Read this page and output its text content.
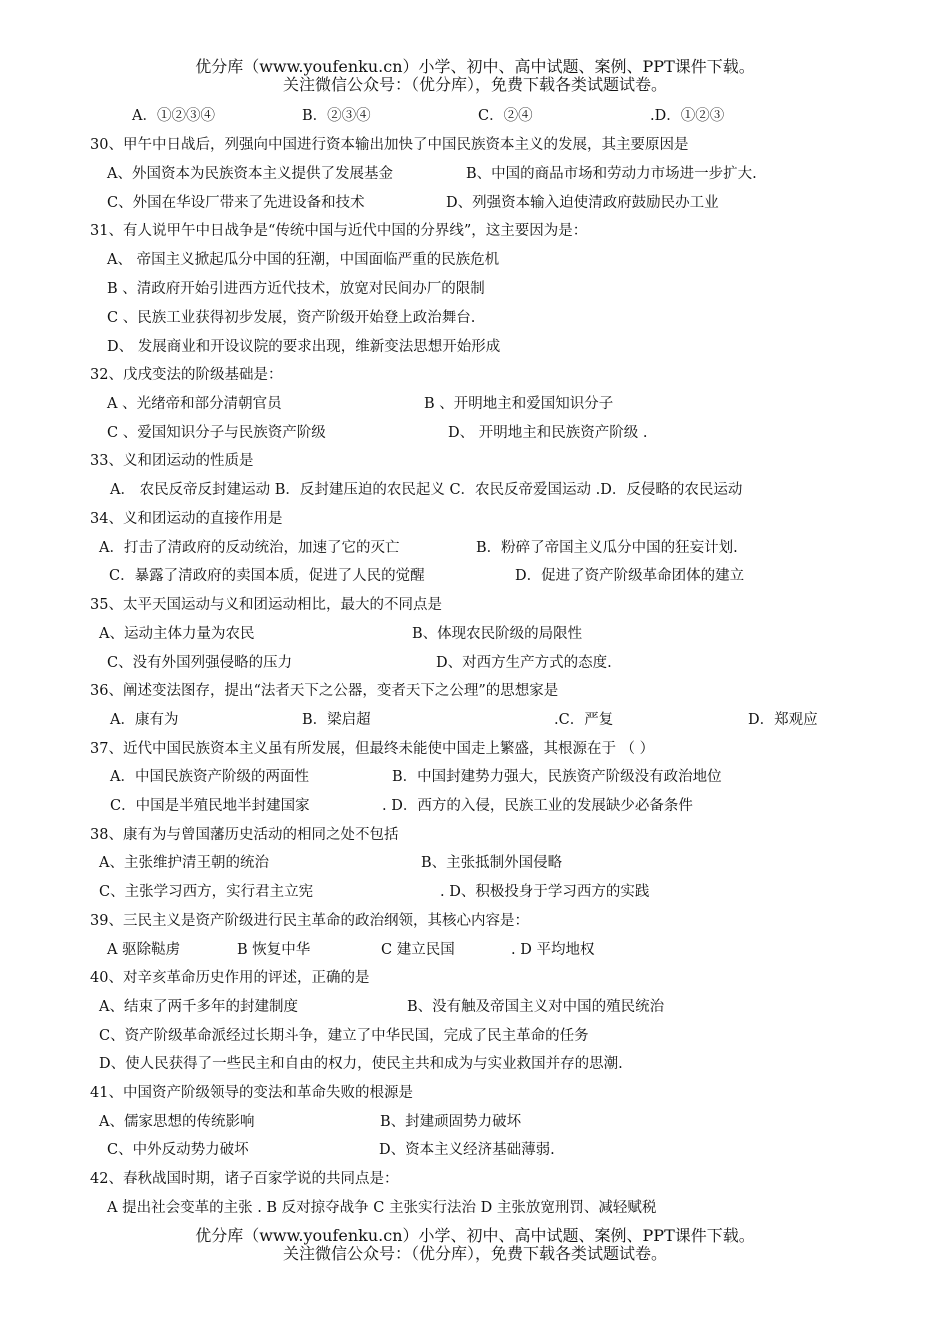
优分库（www.youfenku.cn）小学、初中、高中试题、案例、PPT课件下载。
关注微信公众号：（优分库），免费下载各类试题试卷。
A．①②③④	B．②③④	C．②④	.D．①②③
30、甲午中日战后，列强向中国进行资本输出加快了中国民族资本主义的发展，其主要原因是
A、外国资本为民族资本主义提供了发展基金	B、中国的商品市场和劳动力市场进一步扩大.
C、外国在华设厂带来了先进设备和技术	D、列强资本输入迫使清政府鼓励民办工业
31、有人说甲午中日战争是“传统中国与近代中国的分界线”，这主要因为是：
A、 帝国主义掀起瓜分中国的狂潮，中国面临严重的民族危机
B 、清政府开始引进西方近代技术，放宽对民间办厂的限制
C 、民族工业获得初步发展，资产阶级开始登上政治舞台.
D、 发展商业和开设议院的要求出现，维新变法思想开始形成
32、戊戌变法的阶级基础是：
A 、光绪帝和部分清朝官员	B 、开明地主和爱国知识分子
C 、爱国知识分子与民族资产阶级	D、 开明地主和民族资产阶级 .
33、义和团运动的性质是
A． 农民反帝反封建运动 B．反封建压迫的农民起义 C．农民反帝爱国运动 .D．反侵略的农民运动
34、义和团运动的直接作用是
A．打击了清政府的反动统治，加速了它的灭亡	B．粉碎了帝国主义瓜分中国的狂妄计划.
C．暴露了清政府的卖国本质，促进了人民的觉醒	D．促进了资产阶级革命团体的建立
35、太平天国运动与义和团运动相比，最大的不同点是
A、运动主体力量为农民	B、体现农民阶级的局限性
C、没有外国列强侵略的压力	D、对西方生产方式的态度.
36、阐述变法图存，提出“法者天下之公器，变者天下之公理”的思想家是
A．康有为	B．梁启超	.C．严复	D．郑观应
37、近代中国民族资本主义虽有所发展，但最终未能使中国走上繁盛，其根源在于 （ ）
A．中国民族资产阶级的两面性	B．中国封建势力强大，民族资产阶级没有政治地位
C．中国是半殖民地半封建国家	. D．西方的入侵，民族工业的发展缺少必备条件
38、康有为与曾国藩历史活动的相同之处不包括
A、主张维护清王朝的统治	B、主张抵制外国侵略
C、主张学习西方，实行君主立宪	. D、积极投身于学习西方的实践
39、三民主义是资产阶级进行民主革命的政治纲领，其核心内容是：
A 驱除鞑虏	B 恢复中华	C 建立民国	. D 平均地权
40、对辛亥革命历史作用的评述，正确的是
A、结束了两千多年的封建制度	B、没有触及帝国主义对中国的殖民统治
C、资产阶级革命派经过长期斗争，建立了中华民国，完成了民主革命的任务
D、使人民获得了一些民主和自由的权力，使民主共和成为与实业救国并存的思潮.
41、中国资产阶级领导的变法和革命失败的根源是
A、儒家思想的传统影响	B、封建顽固势力破坏
C、中外反动势力破坏	D、资本主义经济基础薄弱.
42、春秋战国时期，诸子百家学说的共同点是：
A 提出社会变革的主张 . B 反对掠夺战争 C 主张实行法治 D 主张放宽刑罚、减轻赋税
优分库（www.youfenku.cn）小学、初中、高中试题、案例、PPT课件下载。
关注微信公众号：（优分库），免费下载各类试题试卷。
